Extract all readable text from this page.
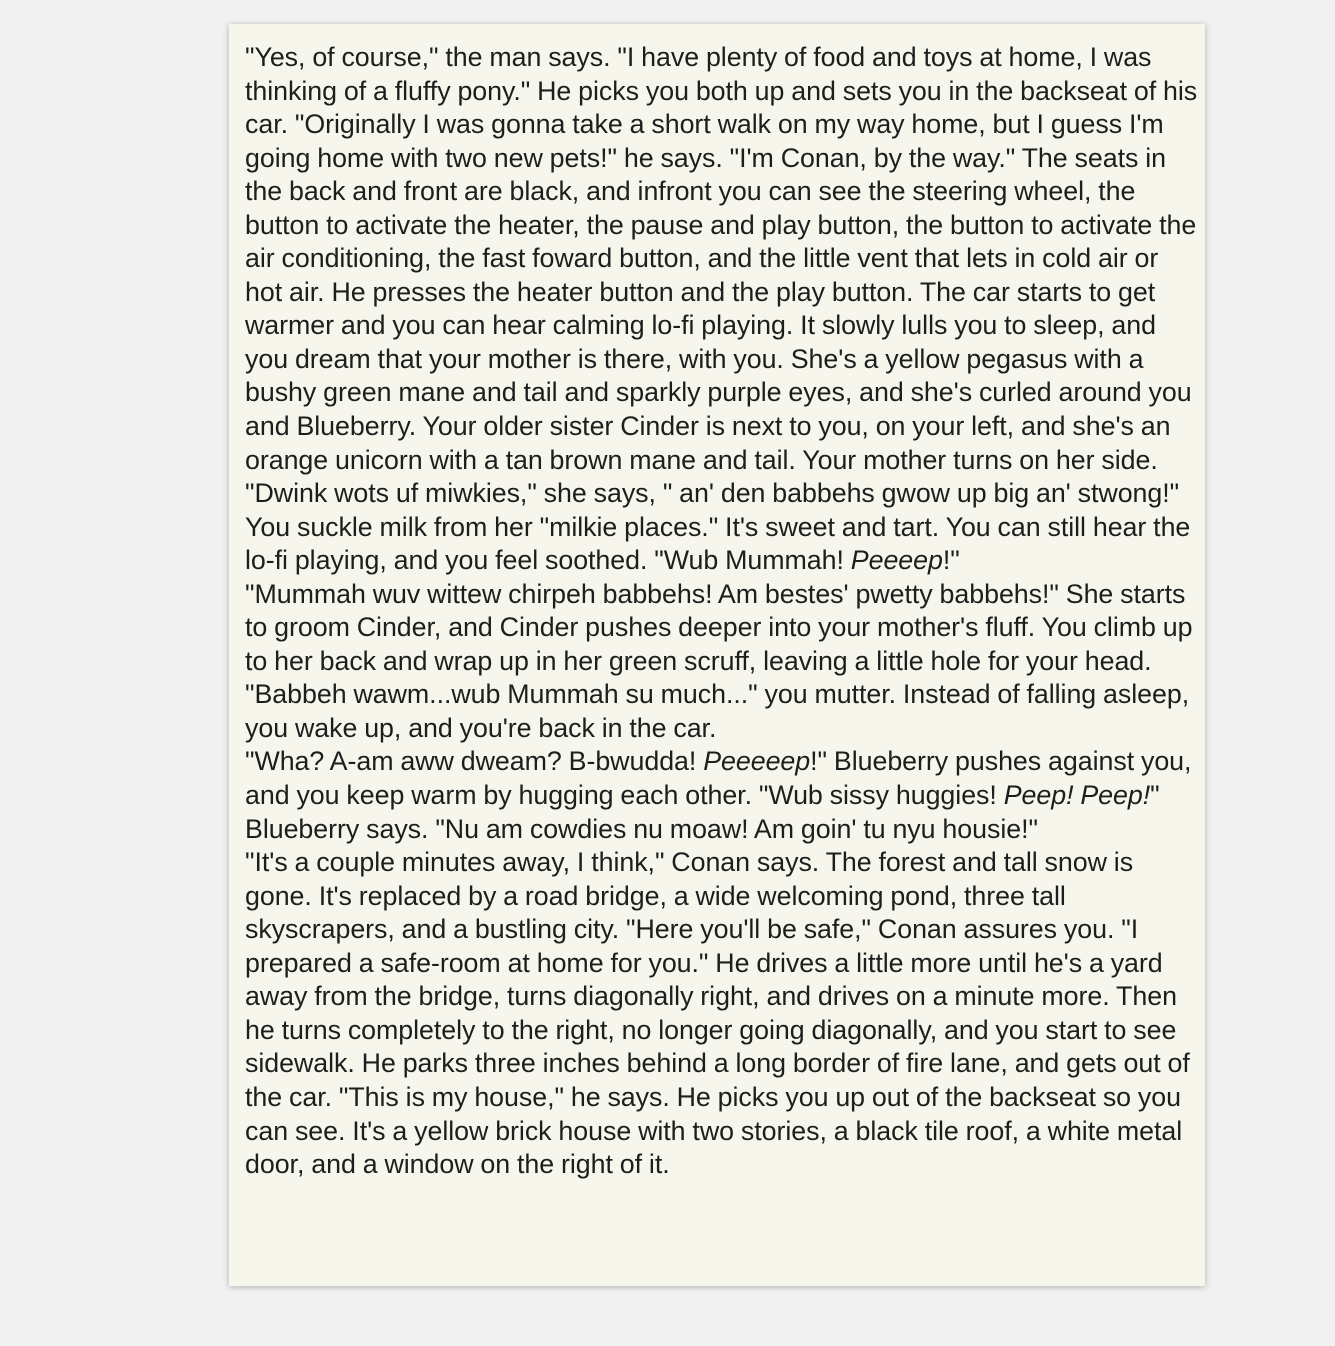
"Yes, of course," the man says. "I have plenty of food and toys at home, I was thinking of a fluffy pony." He picks you both up and sets you in the backseat of his car. "Originally I was gonna take a short walk on my way home, but I guess I'm going home with two new pets!" he says. "I'm Conan, by the way." The seats in the back and front are black, and infront you can see the steering wheel, the button to activate the heater, the pause and play button, the button to activate the air conditioning, the fast foward button, and the little vent that lets in cold air or hot air. He presses the heater button and the play button. The car starts to get warmer and you can hear calming lo-fi playing. It slowly lulls you to sleep, and you dream that your mother is there, with you. She's a yellow pegasus with a bushy green mane and tail and sparkly purple eyes, and she's curled around you and Blueberry. Your older sister Cinder is next to you, on your left, and she's an orange unicorn with a tan brown mane and tail. Your mother turns on her side. "Dwink wots uf miwkies," she says, " an' den babbehs gwow up big an' stwong!" You suckle milk from her "milkie places." It's sweet and tart. You can still hear the lo-fi playing, and you feel soothed. "Wub Mummah! Peeeep!"

"Mummah wuv wittew chirpeh babbehs! Am bestes' pwetty babbehs!" She starts to groom Cinder, and Cinder pushes deeper into your mother's fluff. You climb up to her back and wrap up in her green scruff, leaving a little hole for your head. "Babbeh wawm...wub Mummah su much..." you mutter. Instead of falling asleep, you wake up, and you're back in the car.

"Wha? A-am aww dweam? B-bwudda! Peeeeep!" Blueberry pushes against you, and you keep warm by hugging each other. "Wub sissy huggies! Peep! Peep!" Blueberry says. "Nu am cowdies nu moaw! Am goin' tu nyu housie!"

"It's a couple minutes away, I think," Conan says. The forest and tall snow is gone. It's replaced by a road bridge, a wide welcoming pond, three tall skyscrapers, and a bustling city. "Here you'll be safe," Conan assures you. "I prepared a safe-room at home for you." He drives a little more until he's a yard away from the bridge, turns diagonally right, and drives on a minute more. Then he turns completely to the right, no longer going diagonally, and you start to see sidewalk. He parks three inches behind a long border of fire lane, and gets out of the car. "This is my house," he says. He picks you up out of the backseat so you can see. It's a yellow brick house with two stories, a black tile roof, a white metal door, and a window on the right of it.
